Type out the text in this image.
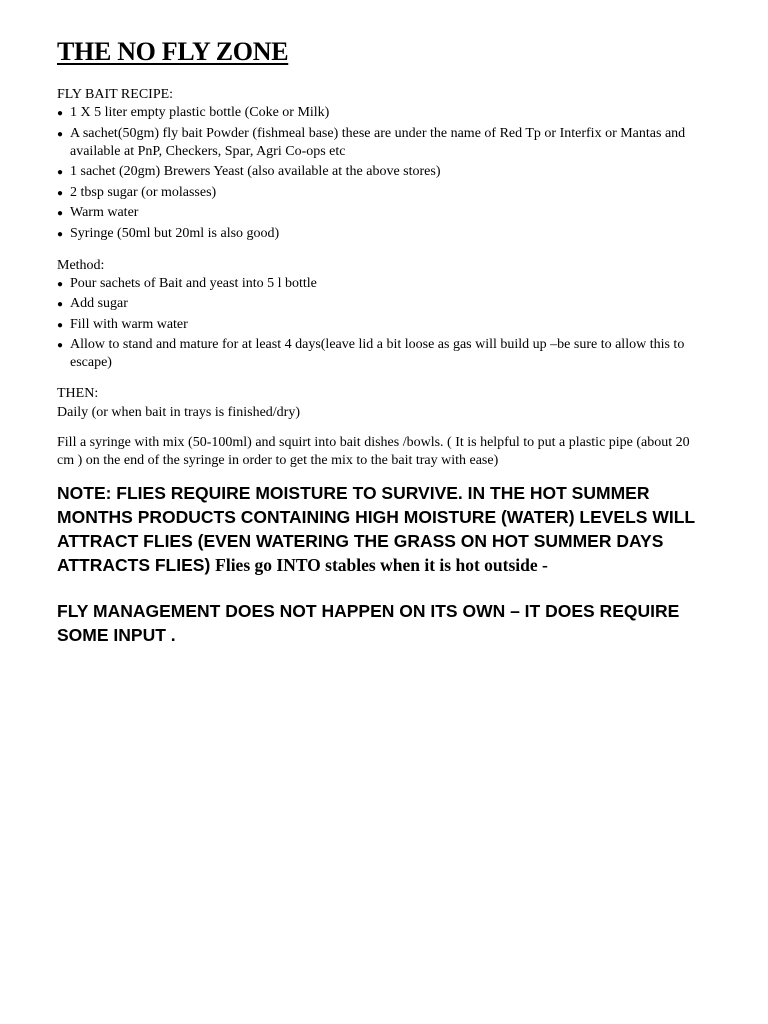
THE NO FLY ZONE

FLY BAIT RECIPE:

● 1 X 5 liter empty plastic bottle (Coke or Milk)
● A sachet(50gm) fly bait Powder (fishmeal base) these are under the name of Red Tp or Interfix or Mantas and available at PnP, Checkers, Spar, Agri Co-ops etc
● 1 sachet (20gm) Brewers Yeast (also available at the above stores)
● 2 tbsp sugar (or molasses)
● Warm water
● Syringe (50ml but 20ml is also good)

Method:

● Pour sachets of Bait and yeast into 5 l bottle
● Add sugar
● Fill with warm water
● Allow to stand and mature for at least 4 days(leave lid a bit loose as gas will build up –be sure to allow this to escape)

THEN:

Daily (or when bait in trays is finished/dry)

Fill a syringe with mix (50-100ml) and squirt into bait dishes /bowls. ( It is helpful to put a plastic pipe (about 20 cm ) on the end of the syringe in order to get the mix to the bait tray with ease)

NOTE: FLIES REQUIRE MOISTURE TO SURVIVE. IN THE HOT SUMMER MONTHS PRODUCTS CONTAINING HIGH MOISTURE (WATER) LEVELS WILL ATTRACT FLIES (EVEN WATERING THE GRASS ON HOT SUMMER DAYS ATTRACTS FLIES) Flies go INTO stables when it is hot outside -

FLY MANAGEMENT DOES NOT HAPPEN ON ITS OWN – IT DOES REQUIRE SOME INPUT .
